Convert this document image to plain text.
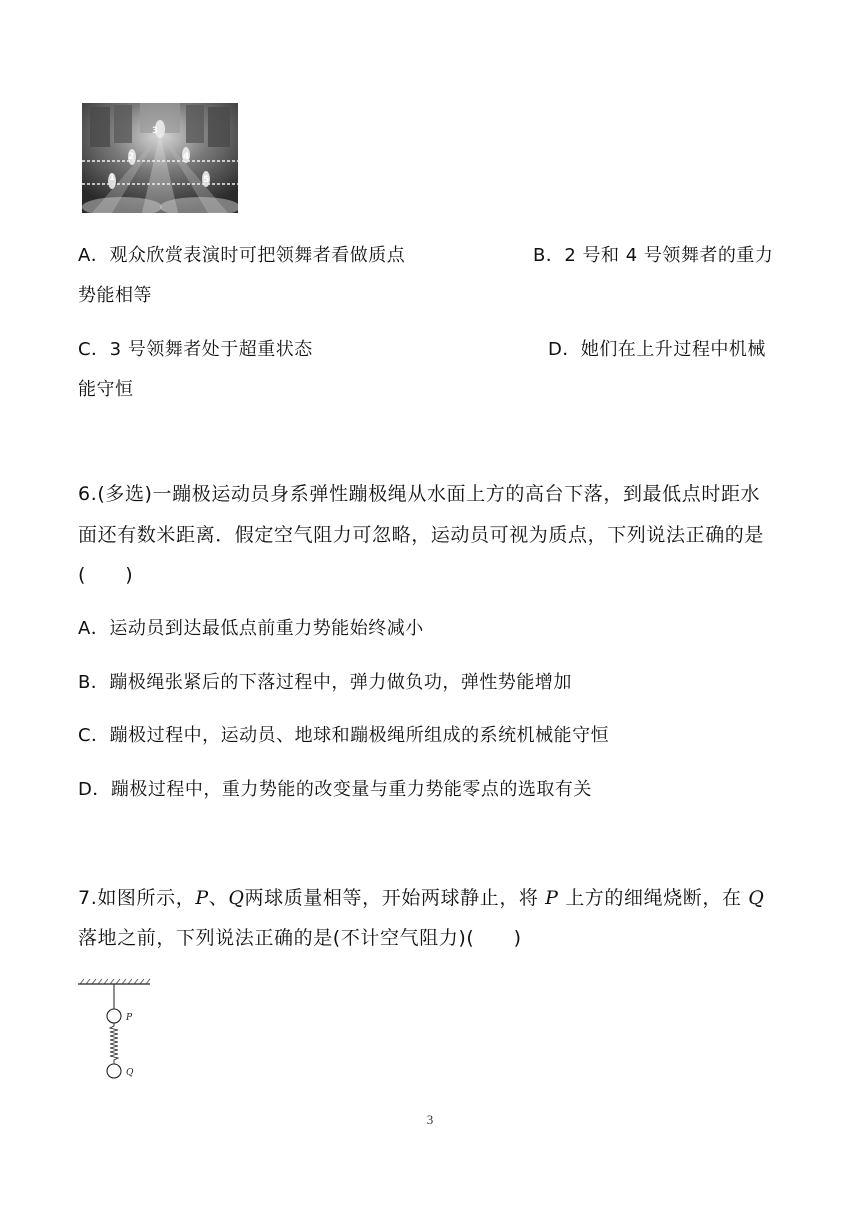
1
2
3
4
5
A．观众欣赏表演时可把领舞者看做质点	B．2 号和 4 号领舞者的重力
势能相等
C．3 号领舞者处于超重状态	D．她们在上升过程中机械
能守恒
6.(多选)一蹦极运动员身系弹性蹦极绳从水面上方的高台下落，到最低点时距水
面还有数米距离．假定空气阻力可忽略，运动员可视为质点，下列说法正确的是
(　　)
A．运动员到达最低点前重力势能始终减小
B．蹦极绳张紧后的下落过程中，弹力做负功，弹性势能增加
C．蹦极过程中，运动员、地球和蹦极绳所组成的系统机械能守恒
D．蹦极过程中，重力势能的改变量与重力势能零点的选取有关
7.如图所示，P、Q两球质量相等，开始两球静止，将 P 上方的细绳烧断，在 Q
落地之前，下列说法正确的是(不计空气阻力)(　　)
P
Q
3
